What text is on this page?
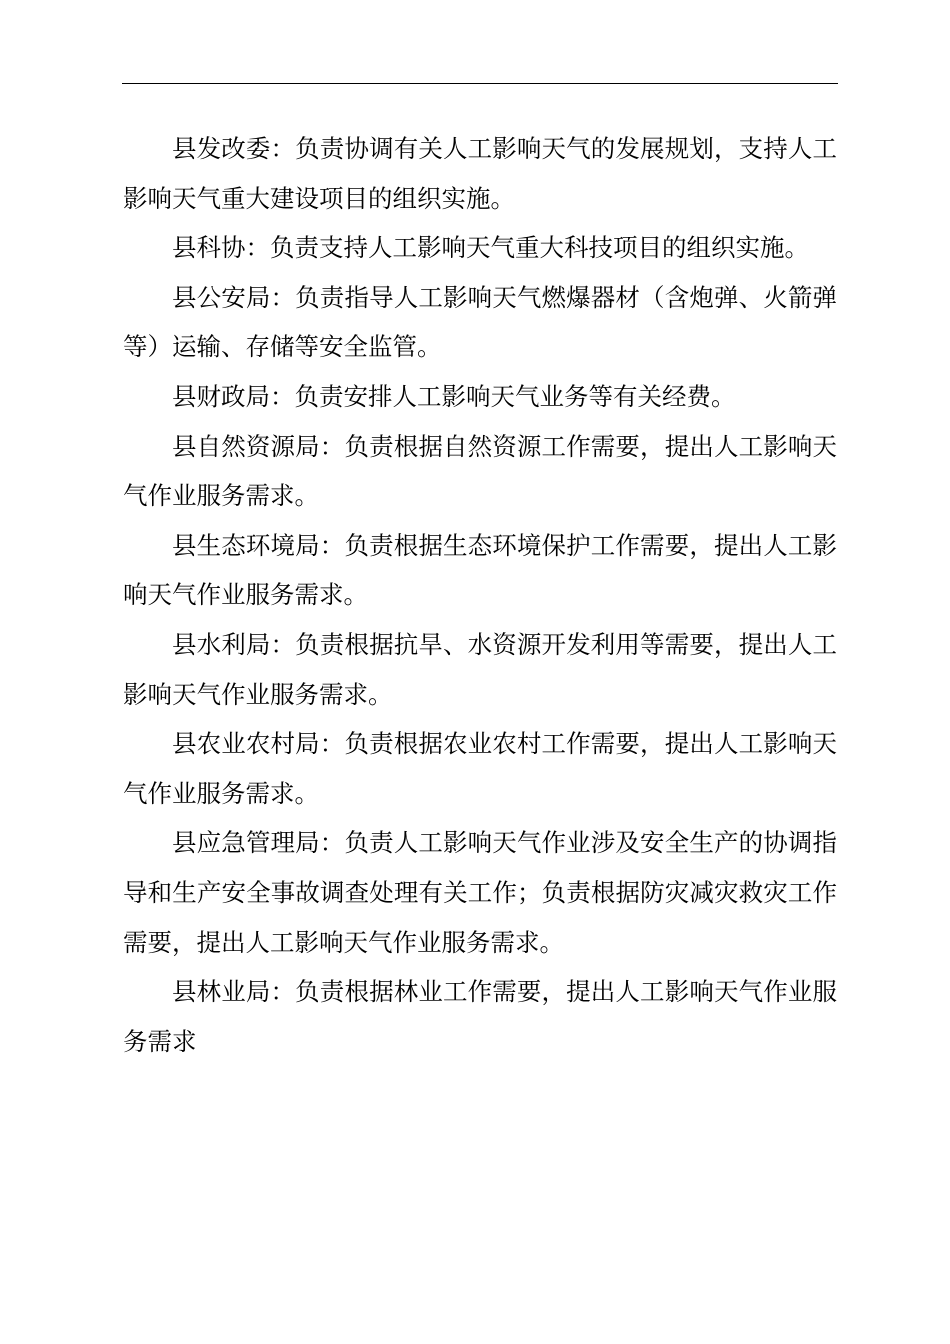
县发改委：负责协调有关人工影响天气的发展规划，支持人工影响天气重大建设项目的组织实施。

县科协：负责支持人工影响天气重大科技项目的组织实施。

县公安局：负责指导人工影响天气燃爆器材（含炮弹、火箭弹等）运输、存储等安全监管。

县财政局：负责安排人工影响天气业务等有关经费。

县自然资源局：负责根据自然资源工作需要，提出人工影响天气作业服务需求。

县生态环境局：负责根据生态环境保护工作需要，提出人工影响天气作业服务需求。

县水利局：负责根据抗旱、水资源开发利用等需要，提出人工影响天气作业服务需求。

县农业农村局：负责根据农业农村工作需要，提出人工影响天气作业服务需求。

县应急管理局：负责人工影响天气作业涉及安全生产的协调指导和生产安全事故调查处理有关工作；负责根据防灾减灾救灾工作需要，提出人工影响天气作业服务需求。

县林业局：负责根据林业工作需要，提出人工影响天气作业服务需求
